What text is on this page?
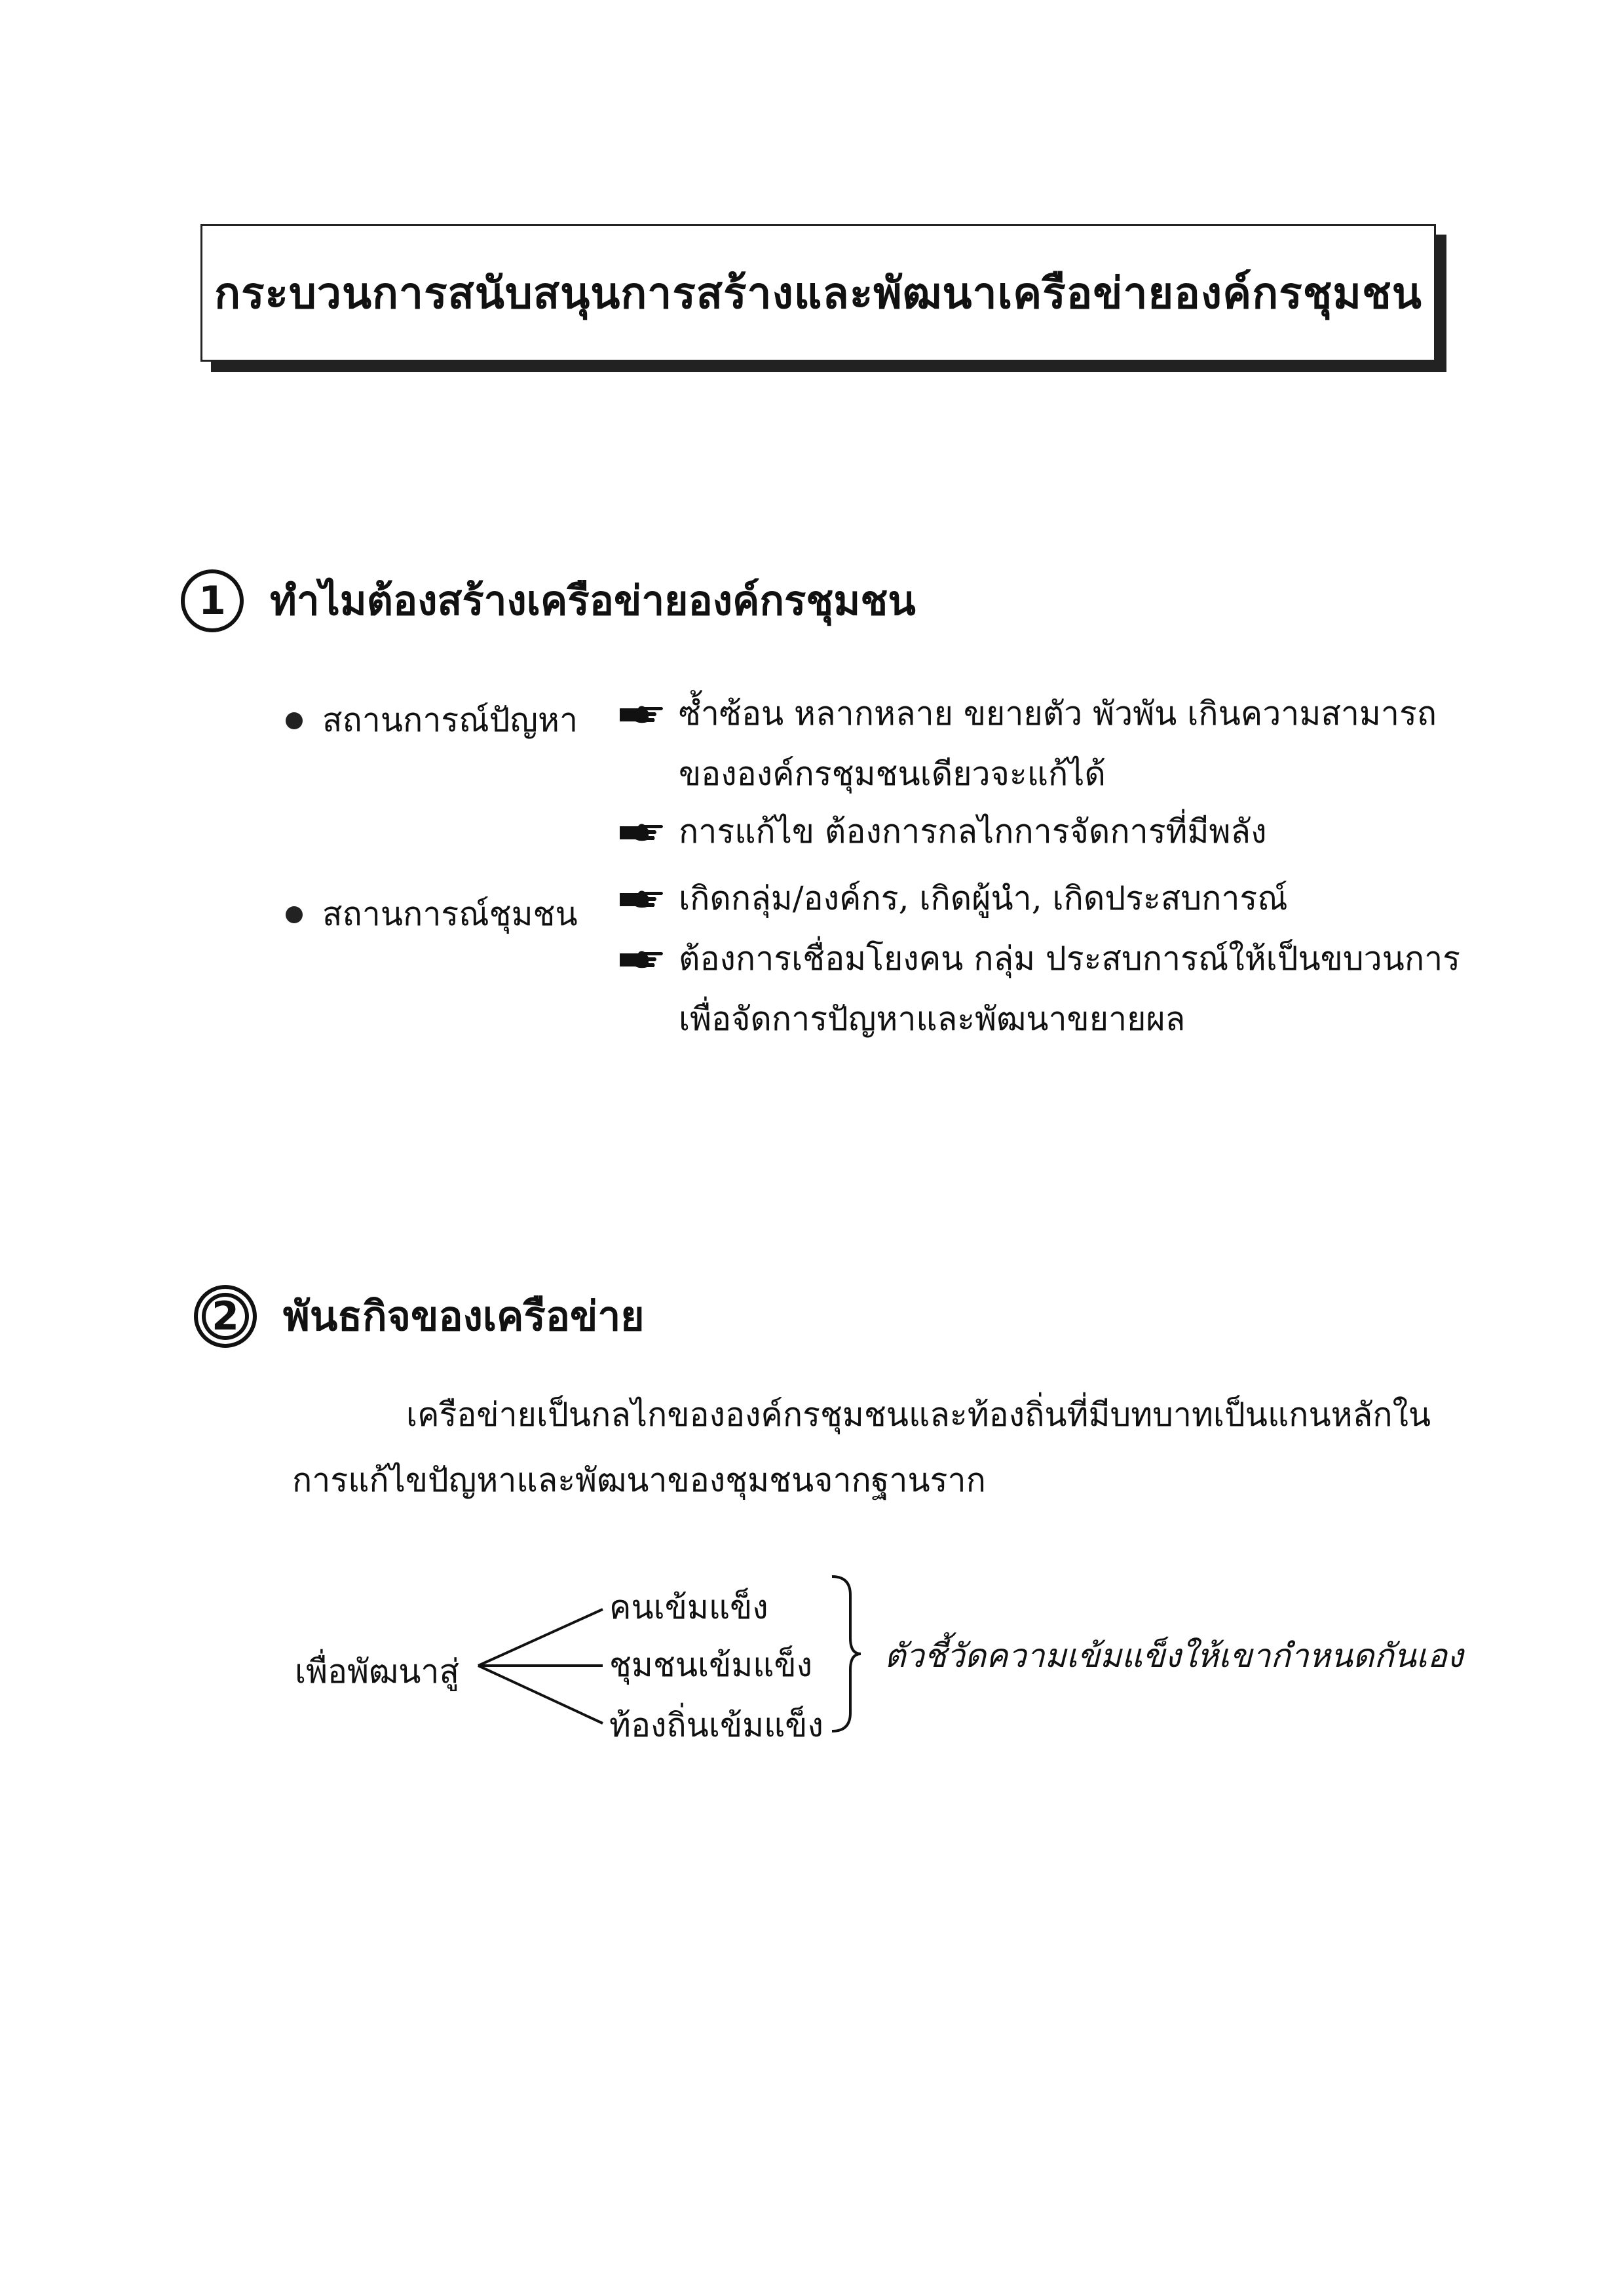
กระบวนการสนับสนุนการสร้างและพัฒนาเครือข่ายองค์กรชุมชน
1	ทำไมต้องสร้างเครือข่ายองค์กรชุมชน
สถานการณ์ปัญหา	ซ้ำซ้อน หลากหลาย ขยายตัว พัวพัน เกินความสามารถ
ขององค์กรชุมชนเดียวจะแก้ได้
การแก้ไข ต้องการกลไกการจัดการที่มีพลัง
สถานการณ์ชุมชน	เกิดกลุ่ม/องค์กร, เกิดผู้นำ, เกิดประสบการณ์
ต้องการเชื่อมโยงคน กลุ่ม ประสบการณ์ให้เป็นขบวนการ
เพื่อจัดการปัญหาและพัฒนาขยายผล
2	พันธกิจของเครือข่าย
เครือข่ายเป็นกลไกขององค์กรชุมชนและท้องถิ่นที่มีบทบาทเป็นแกนหลักใน
การแก้ไขปัญหาและพัฒนาของชุมชนจากฐานราก
เพื่อพัฒนาสู่
คนเข้มแข็ง
ชุมชนเข้มแข็ง
ท้องถิ่นเข้มแข็ง
ตัวชี้วัดความเข้มแข็งให้เขากำหนดกันเอง
